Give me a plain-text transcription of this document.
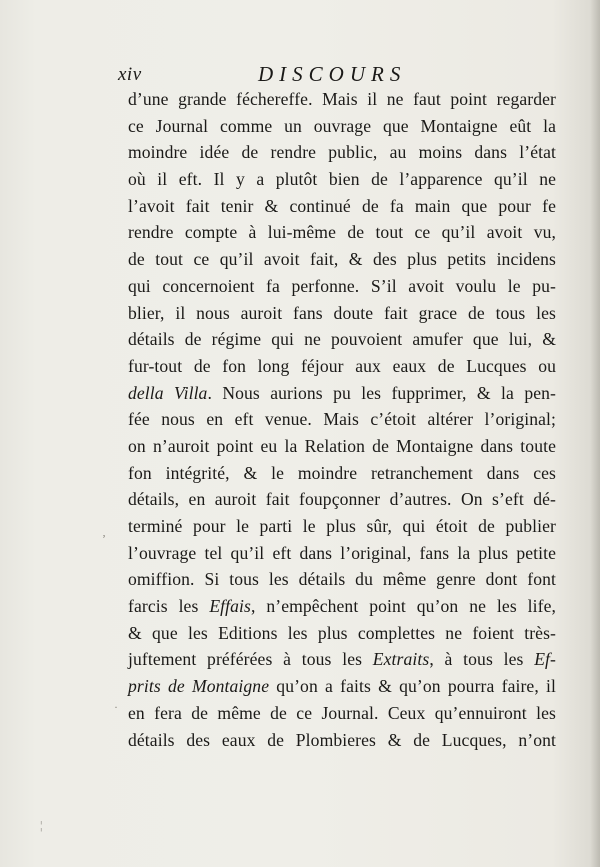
xiv	DISCOURS
d’une grande féchereffe. Mais il ne faut point regarder
ce Journal comme un ouvrage que Montaigne eût la
moindre idée de rendre public, au moins dans l’état
où il eft. Il y a plutôt bien de l’apparence qu’il ne
l’avoit fait tenir & continué de fa main que pour fe
rendre compte à lui-même de tout ce qu’il avoit vu,
de tout ce qu’il avoit fait, & des plus petits incidens
qui concernoient fa perfonne. S’il avoit voulu le pu-
blier, il nous auroit fans doute fait grace de tous les
détails de régime qui ne pouvoient amufer que lui, &
fur-tout de fon long féjour aux eaux de Lucques ou
della Villa. Nous aurions pu les fupprimer, & la pen-
fée nous en eft venue. Mais c’étoit altérer l’original;
on n’auroit point eu la Relation de Montaigne dans toute
fon intégrité, & le moindre retranchement dans ces
détails, en auroit fait foupçonner d’autres. On s’eft dé-
terminé pour le parti le plus sûr, qui étoit de publier
l’ouvrage tel qu’il eft dans l’original, fans la plus petite
omiffion. Si tous les détails du même genre dont font
farcis les Effais, n’empêchent point qu’on ne les life,
& que les Editions les plus complettes ne foient très-
juftement préférées à tous les Extraits, à tous les Ef-
prits de Montaigne qu’on a faits & qu’on pourra faire, il
en fera de même de ce Journal. Ceux qu’ennuiront les
détails des eaux de Plombieres & de Lucques, n’ont
ʼ
·
¦
